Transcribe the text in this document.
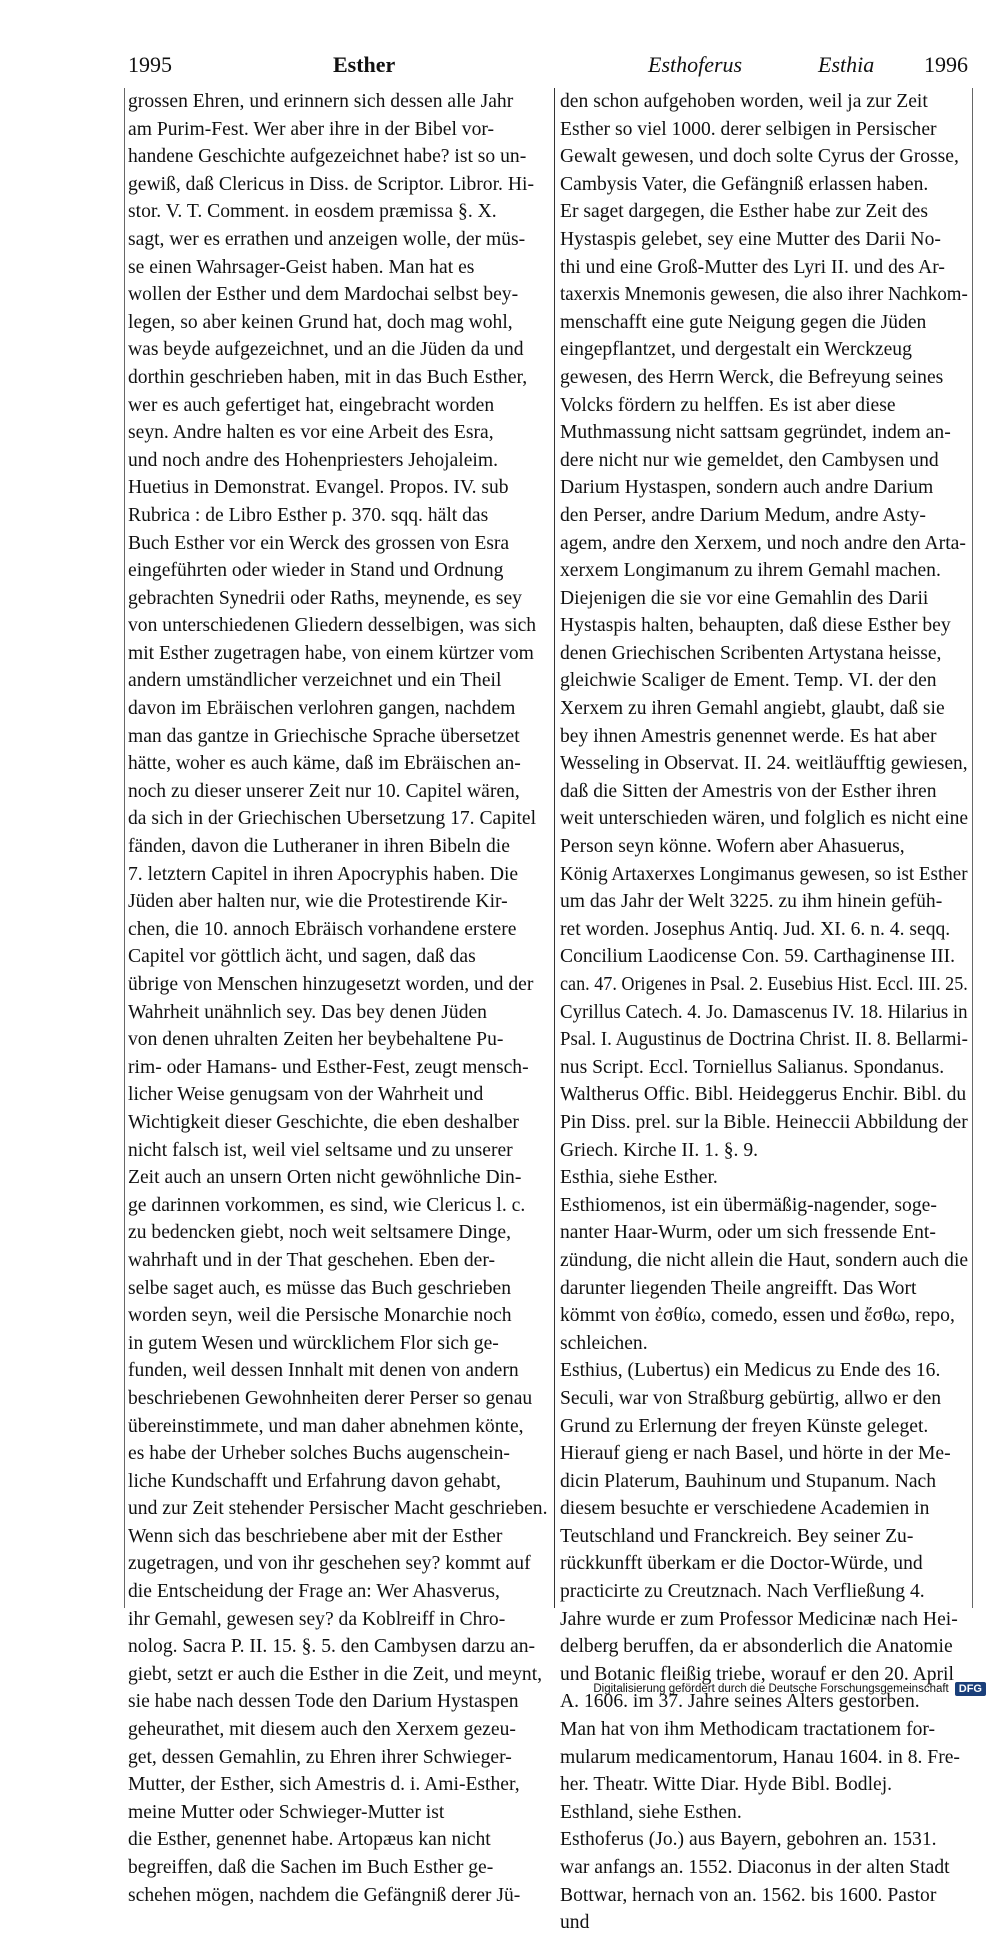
1995	Esther	Esthoferus	Esthia 1996
grossen Ehren, und erinnern sich dessen alle Jahr
am Purim-Fest. Wer aber ihre in der Bibel vor-
handene Geschichte aufgezeichnet habe? ist so un-
gewiß, daß Clericus in Diss. de Scriptor. Libror. Hi-
stor. V. T. Comment. in eosdem præmissa §. X.
sagt, wer es errathen und anzeigen wolle, der müs-
se einen Wahrsager-Geist haben. Man hat es
wollen der Esther und dem Mardochai selbst bey-
legen, so aber keinen Grund hat, doch mag wohl,
was beyde aufgezeichnet, und an die Jüden da und
dorthin geschrieben haben, mit in das Buch Esther,
wer es auch gefertiget hat, eingebracht worden
seyn. Andre halten es vor eine Arbeit des Esra,
und noch andre des Hohenpriesters Jehojaleim.
Huetius in Demonstrat. Evangel. Propos. IV. sub
Rubrica : de Libro Esther p. 370. sqq. hält das
Buch Esther vor ein Werck des grossen von Esra
eingeführten oder wieder in Stand und Ordnung
gebrachten Synedrii oder Raths, meynende, es sey
von unterschiedenen Gliedern desselbigen, was sich
mit Esther zugetragen habe, von einem kürtzer vom
andern umständlicher verzeichnet und ein Theil
davon im Ebräischen verlohren gangen, nachdem
man das gantze in Griechische Sprache übersetzet
hätte, woher es auch käme, daß im Ebräischen an-
noch zu dieser unserer Zeit nur 10. Capitel wären,
da sich in der Griechischen Ubersetzung 17. Capitel
fänden, davon die Lutheraner in ihren Bibeln die
7. letztern Capitel in ihren Apocryphis haben. Die
Jüden aber halten nur, wie die Protestirende Kir-
chen, die 10. annoch Ebräisch vorhandene erstere
Capitel vor göttlich ächt, und sagen, daß das
übrige von Menschen hinzugesetzt worden, und der
Wahrheit unähnlich sey. Das bey denen Jüden
von denen uhralten Zeiten her beybehaltene Pu-
rim- oder Hamans- und Esther-Fest, zeugt mensch-
licher Weise genugsam von der Wahrheit und
Wichtigkeit dieser Geschichte, die eben deshalber
nicht falsch ist, weil viel seltsame und zu unserer
Zeit auch an unsern Orten nicht gewöhnliche Din-
ge darinnen vorkommen, es sind, wie Clericus l. c.
zu bedencken giebt, noch weit seltsamere Dinge,
wahrhaft und in der That geschehen. Eben der-
selbe saget auch, es müsse das Buch geschrieben
worden seyn, weil die Persische Monarchie noch
in gutem Wesen und würcklichem Flor sich ge-
funden, weil dessen Innhalt mit denen von andern
beschriebenen Gewohnheiten derer Perser so genau
übereinstimmete, und man daher abnehmen könte,
es habe der Urheber solches Buchs augenschein-
liche Kundschafft und Erfahrung davon gehabt,
und zur Zeit stehender Persischer Macht geschrieben.
Wenn sich das beschriebene aber mit der Esther
zugetragen, und von ihr geschehen sey? kommt auf
die Entscheidung der Frage an: Wer Ahasverus,
ihr Gemahl, gewesen sey? da Koblreiff in Chro-
nolog. Sacra P. II. 15. §. 5. den Cambysen darzu an-
giebt, setzt er auch die Esther in die Zeit, und meynt,
sie habe nach dessen Tode den Darium Hystaspen
geheurathet, mit diesem auch den Xerxem gezeu-
get, dessen Gemahlin, zu Ehren ihrer Schwieger-
Mutter, der Esther, sich Amestris d. i. Ami-Esther,
meine Mutter oder Schwieger-Mutter ist
die Esther, genennet habe. Artopæus kan nicht
begreiffen, daß die Sachen im Buch Esther ge-
schehen mögen, nachdem die Gefängniß derer Jü-
den schon aufgehoben worden, weil ja zur Zeit
Esther so viel 1000. derer selbigen in Persischer
Gewalt gewesen, und doch solte Cyrus der Grosse,
Cambysis Vater, die Gefängniß erlassen haben.
Er saget dargegen, die Esther habe zur Zeit des
Hystaspis gelebet, sey eine Mutter des Darii No-
thi und eine Groß-Mutter des Lyri II. und des Ar-
taxerxis Mnemonis gewesen, die also ihrer Nachkom-
menschafft eine gute Neigung gegen die Jüden
eingepflantzet, und dergestalt ein Werckzeug
gewesen, des Herrn Werck, die Befreyung seines
Volcks fördern zu helffen. Es ist aber diese
Muthmassung nicht sattsam gegründet, indem an-
dere nicht nur wie gemeldet, den Cambysen und
Darium Hystaspen, sondern auch andre Darium
den Perser, andre Darium Medum, andre Asty-
agem, andre den Xerxem, und noch andre den Arta-
xerxem Longimanum zu ihrem Gemahl machen.
Diejenigen die sie vor eine Gemahlin des Darii
Hystaspis halten, behaupten, daß diese Esther bey
denen Griechischen Scribenten Artystana heisse,
gleichwie Scaliger de Ement. Temp. VI. der den
Xerxem zu ihren Gemahl angiebt, glaubt, daß sie
bey ihnen Amestris genennet werde. Es hat aber
Wesseling in Observat. II. 24. weitläufftig gewiesen,
daß die Sitten der Amestris von der Esther ihren
weit unterschieden wären, und folglich es nicht eine
Person seyn könne. Wofern aber Ahasuerus,
König Artaxerxes Longimanus gewesen, so ist Esther
um das Jahr der Welt 3225. zu ihm hinein gefüh-
ret worden. Josephus Antiq. Jud. XI. 6. n. 4. seqq.
Concilium Laodicense Con. 59. Carthaginense III.
can. 47. Origenes in Psal. 2. Eusebius Hist. Eccl. III. 25.
Cyrillus Catech. 4. Jo. Damascenus IV. 18. Hilarius in
Psal. I. Augustinus de Doctrina Christ. II. 8. Bellarmi-
nus Script. Eccl. Torniellus Salianus. Spondanus.
Waltherus Offic. Bibl. Heideggerus Enchir. Bibl. du
Pin Diss. prel. sur la Bible. Heineccii Abbildung der
Griech. Kirche II. 1. §. 9.
Esthia, siehe Esther.
Esthiomenos, ist ein übermäßig-nagender, soge-
nanter Haar-Wurm, oder um sich fressende Ent-
zündung, die nicht allein die Haut, sondern auch die
darunter liegenden Theile angreifft. Das Wort
kömmt von ἐσθίω, comedo, essen und ἔσθω, repo,
schleichen.
Esthius, (Lubertus) ein Medicus zu Ende des 16.
Seculi, war von Straßburg gebürtig, allwo er den
Grund zu Erlernung der freyen Künste geleget.
Hierauf gieng er nach Basel, und hörte in der Me-
dicin Platerum, Bauhinum und Stupanum. Nach
diesem besuchte er verschiedene Academien in
Teutschland und Franckreich. Bey seiner Zu-
rückkunfft überkam er die Doctor-Würde, und
practicirte zu Creutznach. Nach Verfließung 4.
Jahre wurde er zum Professor Medicinæ nach Hei-
delberg beruffen, da er absonderlich die Anatomie
und Botanic fleißig triebe, worauf er den 20. April
A. 1606. im 37. Jahre seines Alters gestorben.
Man hat von ihm Methodicam tractationem for-
mularum medicamentorum, Hanau 1604. in 8. Fre-
her. Theatr. Witte Diar. Hyde Bibl. Bodlej.
Esthland, siehe Esthen.
Esthoferus (Jo.) aus Bayern, gebohren an. 1531.
war anfangs an. 1552. Diaconus in der alten Stadt
Bottwar, hernach von an. 1562. bis 1600. Pastor
und
Digitalisierung gefördert durch die Deutsche Forschungsgemeinschaft DFG
